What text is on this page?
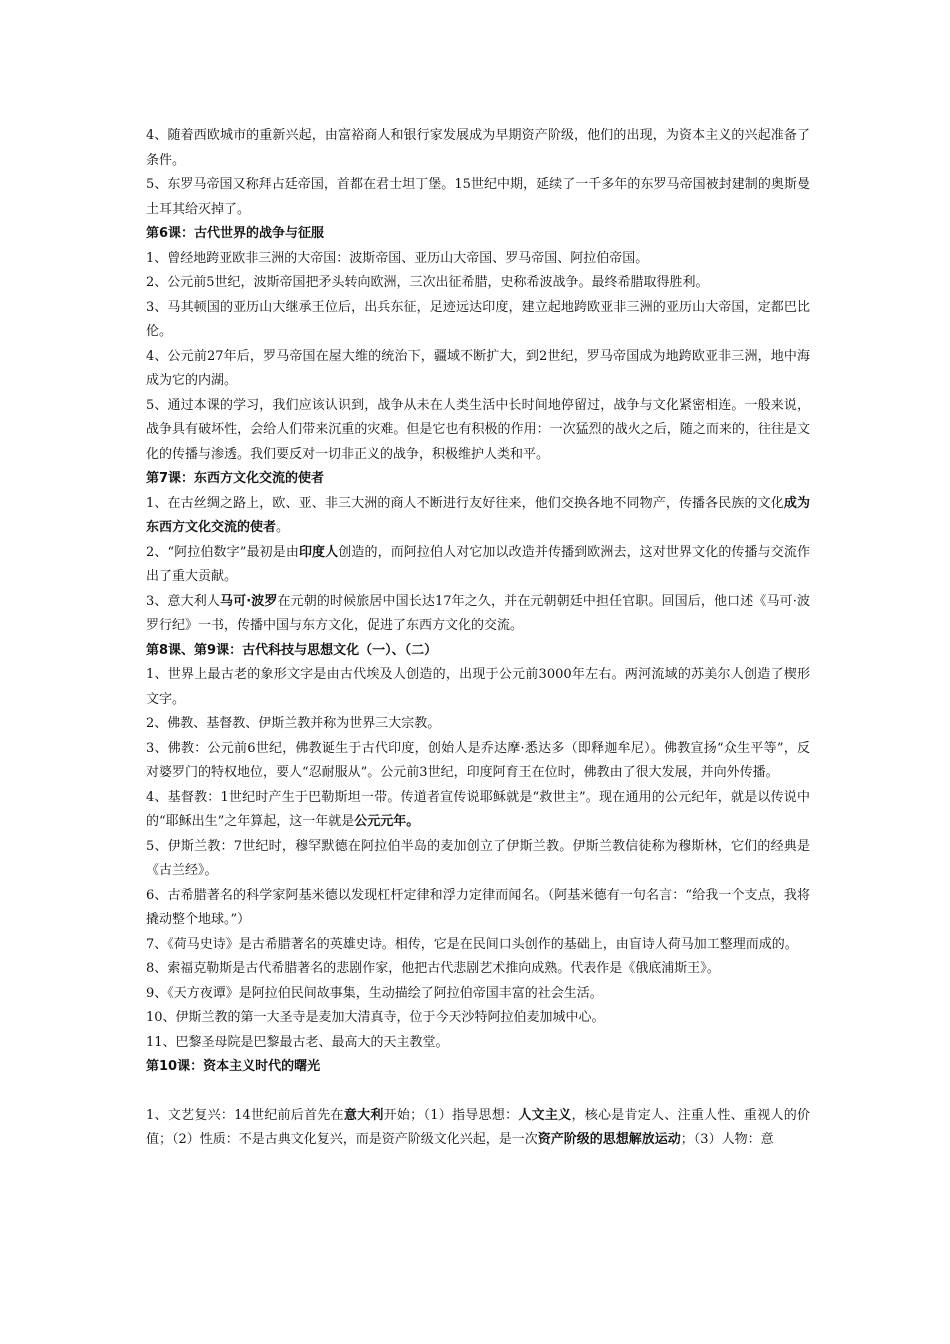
4、随着西欧城市的重新兴起，由富裕商人和银行家发展成为早期资产阶级，他们的出现，为资本主义的兴起准备了条件。

5、东罗马帝国又称拜占廷帝国，首都在君士坦丁堡。15世纪中期，延续了一千多年的东罗马帝国被封建制的奥斯曼土耳其给灭掉了。

第6课：古代世界的战争与征服

1、曾经地跨亚欧非三洲的大帝国：波斯帝国、亚历山大帝国、罗马帝国、阿拉伯帝国。

2、公元前5世纪，波斯帝国把矛头转向欧洲，三次出征希腊，史称希波战争。最终希腊取得胜利。

3、马其顿国的亚历山大继承王位后，出兵东征，足迹远达印度，建立起地跨欧亚非三洲的亚历山大帝国，定都巴比伦。

4、公元前27年后，罗马帝国在屋大维的统治下，疆域不断扩大，到2世纪，罗马帝国成为地跨欧亚非三洲，地中海成为它的内湖。

5、通过本课的学习，我们应该认识到，战争从未在人类生活中长时间地停留过，战争与文化紧密相连。一般来说，战争具有破坏性，会给人们带来沉重的灾难。但是它也有积极的作用：一次猛烈的战火之后，随之而来的，往往是文化的传播与渗透。我们要反对一切非正义的战争，积极维护人类和平。

第7课：东西方文化交流的使者

1、在古丝绸之路上，欧、亚、非三大洲的商人不断进行友好往来，他们交换各地不同物产，传播各民族的文化成为东西方文化交流的使者。

2、“阿拉伯数字”最初是由印度人创造的，而阿拉伯人对它加以改造并传播到欧洲去，这对世界文化的传播与交流作出了重大贡献。

3、意大利人马可·波罗在元朝的时候旅居中国长达17年之久，并在元朝朝廷中担任官职。回国后，他口述《马可·波罗行纪》一书，传播中国与东方文化，促进了东西方文化的交流。

第8课、第9课：古代科技与思想文化（一）、（二）

1、世界上最古老的象形文字是由古代埃及人创造的，出现于公元前3000年左右。两河流域的苏美尔人创造了楔形文字。

2、佛教、基督教、伊斯兰教并称为世界三大宗教。

3、佛教：公元前6世纪，佛教诞生于古代印度，创始人是乔达摩·悉达多（即释迦牟尼）。佛教宣扬“众生平等”，反对婆罗门的特权地位，要人“忍耐服从”。公元前3世纪，印度阿育王在位时，佛教由了很大发展，并向外传播。

4、基督教：1世纪时产生于巴勒斯坦一带。传道者宣传说耶稣就是“救世主”。现在通用的公元纪年，就是以传说中的“耶稣出生”之年算起，这一年就是公元元年。

5、伊斯兰教：7世纪时，穆罕默德在阿拉伯半岛的麦加创立了伊斯兰教。伊斯兰教信徒称为穆斯林，它们的经典是《古兰经》。

6、古希腊著名的科学家阿基米德以发现杠杆定律和浮力定律而闻名。（阿基米德有一句名言：“给我一个支点，我将撬动整个地球。”）

7、《荷马史诗》是古希腊著名的英雄史诗。相传，它是在民间口头创作的基础上，由盲诗人荷马加工整理而成的。

8、索福克勒斯是古代希腊著名的悲剧作家，他把古代悲剧艺术推向成熟。代表作是《俄底浦斯王》。

9、《天方夜谭》是阿拉伯民间故事集，生动描绘了阿拉伯帝国丰富的社会生活。

10、伊斯兰教的第一大圣寺是麦加大清真寺，位于今天沙特阿拉伯麦加城中心。

11、巴黎圣母院是巴黎最古老、最高大的天主教堂。

第10课：资本主义时代的曙光

1、文艺复兴：14世纪前后首先在意大利开始；（1）指导思想：人文主义，核心是肯定人、注重人性、重视人的价值；（2）性质：不是古典文化复兴，而是资产阶级文化兴起，是一次资产阶级的思想解放运动；（3）人物：意
